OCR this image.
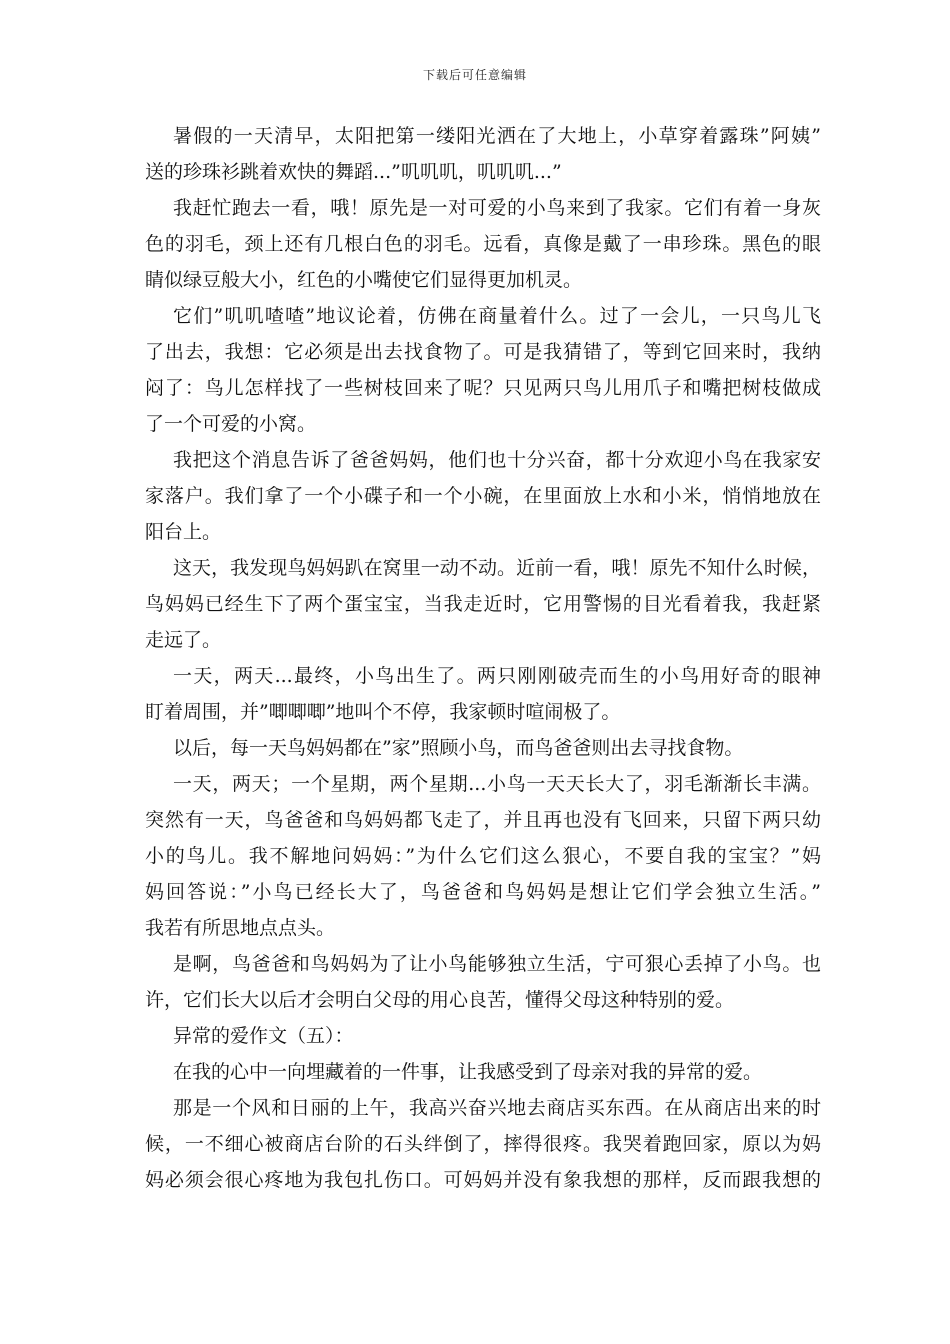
下载后可任意编辑
暑假的一天清早，太阳把第一缕阳光洒在了大地上，小草穿着露珠”阿姨”
送的珍珠衫跳着欢快的舞蹈...”叽叽叽，叽叽叽...”
我赶忙跑去一看，哦！原先是一对可爱的小鸟来到了我家。它们有着一身灰
色的羽毛，颈上还有几根白色的羽毛。远看，真像是戴了一串珍珠。黑色的眼
睛似绿豆般大小，红色的小嘴使它们显得更加机灵。
它们”叽叽喳喳”地议论着，仿佛在商量着什么。过了一会儿，一只鸟儿飞
了出去，我想：它必须是出去找食物了。可是我猜错了，等到它回来时，我纳
闷了：鸟儿怎样找了一些树枝回来了呢？只见两只鸟儿用爪子和嘴把树枝做成
了一个可爱的小窝。
我把这个消息告诉了爸爸妈妈，他们也十分兴奋，都十分欢迎小鸟在我家安
家落户。我们拿了一个小碟子和一个小碗，在里面放上水和小米，悄悄地放在
阳台上。
这天，我发现鸟妈妈趴在窝里一动不动。近前一看，哦！原先不知什么时候，
鸟妈妈已经生下了两个蛋宝宝，当我走近时，它用警惕的目光看着我，我赶紧
走远了。
一天，两天...最终，小鸟出生了。两只刚刚破壳而生的小鸟用好奇的眼神
盯着周围，并”唧唧唧”地叫个不停，我家顿时喧闹极了。
以后，每一天鸟妈妈都在”家”照顾小鸟，而鸟爸爸则出去寻找食物。
一天，两天；一个星期，两个星期...小鸟一天天长大了，羽毛渐渐长丰满。
突然有一天，鸟爸爸和鸟妈妈都飞走了，并且再也没有飞回来，只留下两只幼
小的鸟儿。我不解地问妈妈：”为什么它们这么狠心，不要自我的宝宝？”妈
妈回答说：”小鸟已经长大了，鸟爸爸和鸟妈妈是想让它们学会独立生活。”
我若有所思地点点头。
是啊，鸟爸爸和鸟妈妈为了让小鸟能够独立生活，宁可狠心丢掉了小鸟。也
许，它们长大以后才会明白父母的用心良苦，懂得父母这种特别的爱。
异常的爱作文（五）：
在我的心中一向埋藏着的一件事，让我感受到了母亲对我的异常的爱。
那是一个风和日丽的上午，我高兴奋兴地去商店买东西。在从商店出来的时
候，一不细心被商店台阶的石头绊倒了，摔得很疼。我哭着跑回家，原以为妈
妈必须会很心疼地为我包扎伤口。可妈妈并没有象我想的那样，反而跟我想的
